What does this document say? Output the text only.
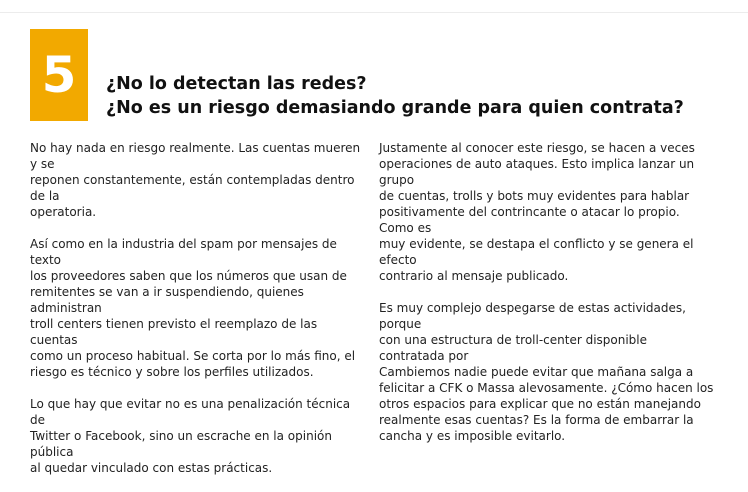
5 ¿No lo detectan las redes?
¿No es un riesgo demasiando grande para quien contrata?

No hay nada en riesgo realmente. Las cuentas mueren y se
reponen constantemente, están contempladas dentro de la
operatoria.

Así como en la industria del spam por mensajes de texto
los proveedores saben que los números que usan de
remitentes se van a ir suspendiendo, quienes administran
troll centers tienen previsto el reemplazo de las cuentas
como un proceso habitual. Se corta por lo más fino, el
riesgo es técnico y sobre los perfiles utilizados.

Lo que hay que evitar no es una penalización técnica de
Twitter o Facebook, sino un escrache en la opinión pública
al quedar vinculado con estas prácticas.

Justamente al conocer este riesgo, se hacen a veces
operaciones de auto ataques. Esto implica lanzar un grupo
de cuentas, trolls y bots muy evidentes para hablar
positivamente del contrincante o atacar lo propio. Como es
muy evidente, se destapa el conflicto y se genera el efecto
contrario al mensaje publicado.

Es muy complejo despegarse de estas actividades, porque
con una estructura de troll-center disponible contratada por
Cambiemos nadie puede evitar que mañana salga a
felicitar a CFK o Massa alevosamente. ¿Cómo hacen los
otros espacios para explicar que no están manejando
realmente esas cuentas? Es la forma de embarrar la
cancha y es imposible evitarlo.
